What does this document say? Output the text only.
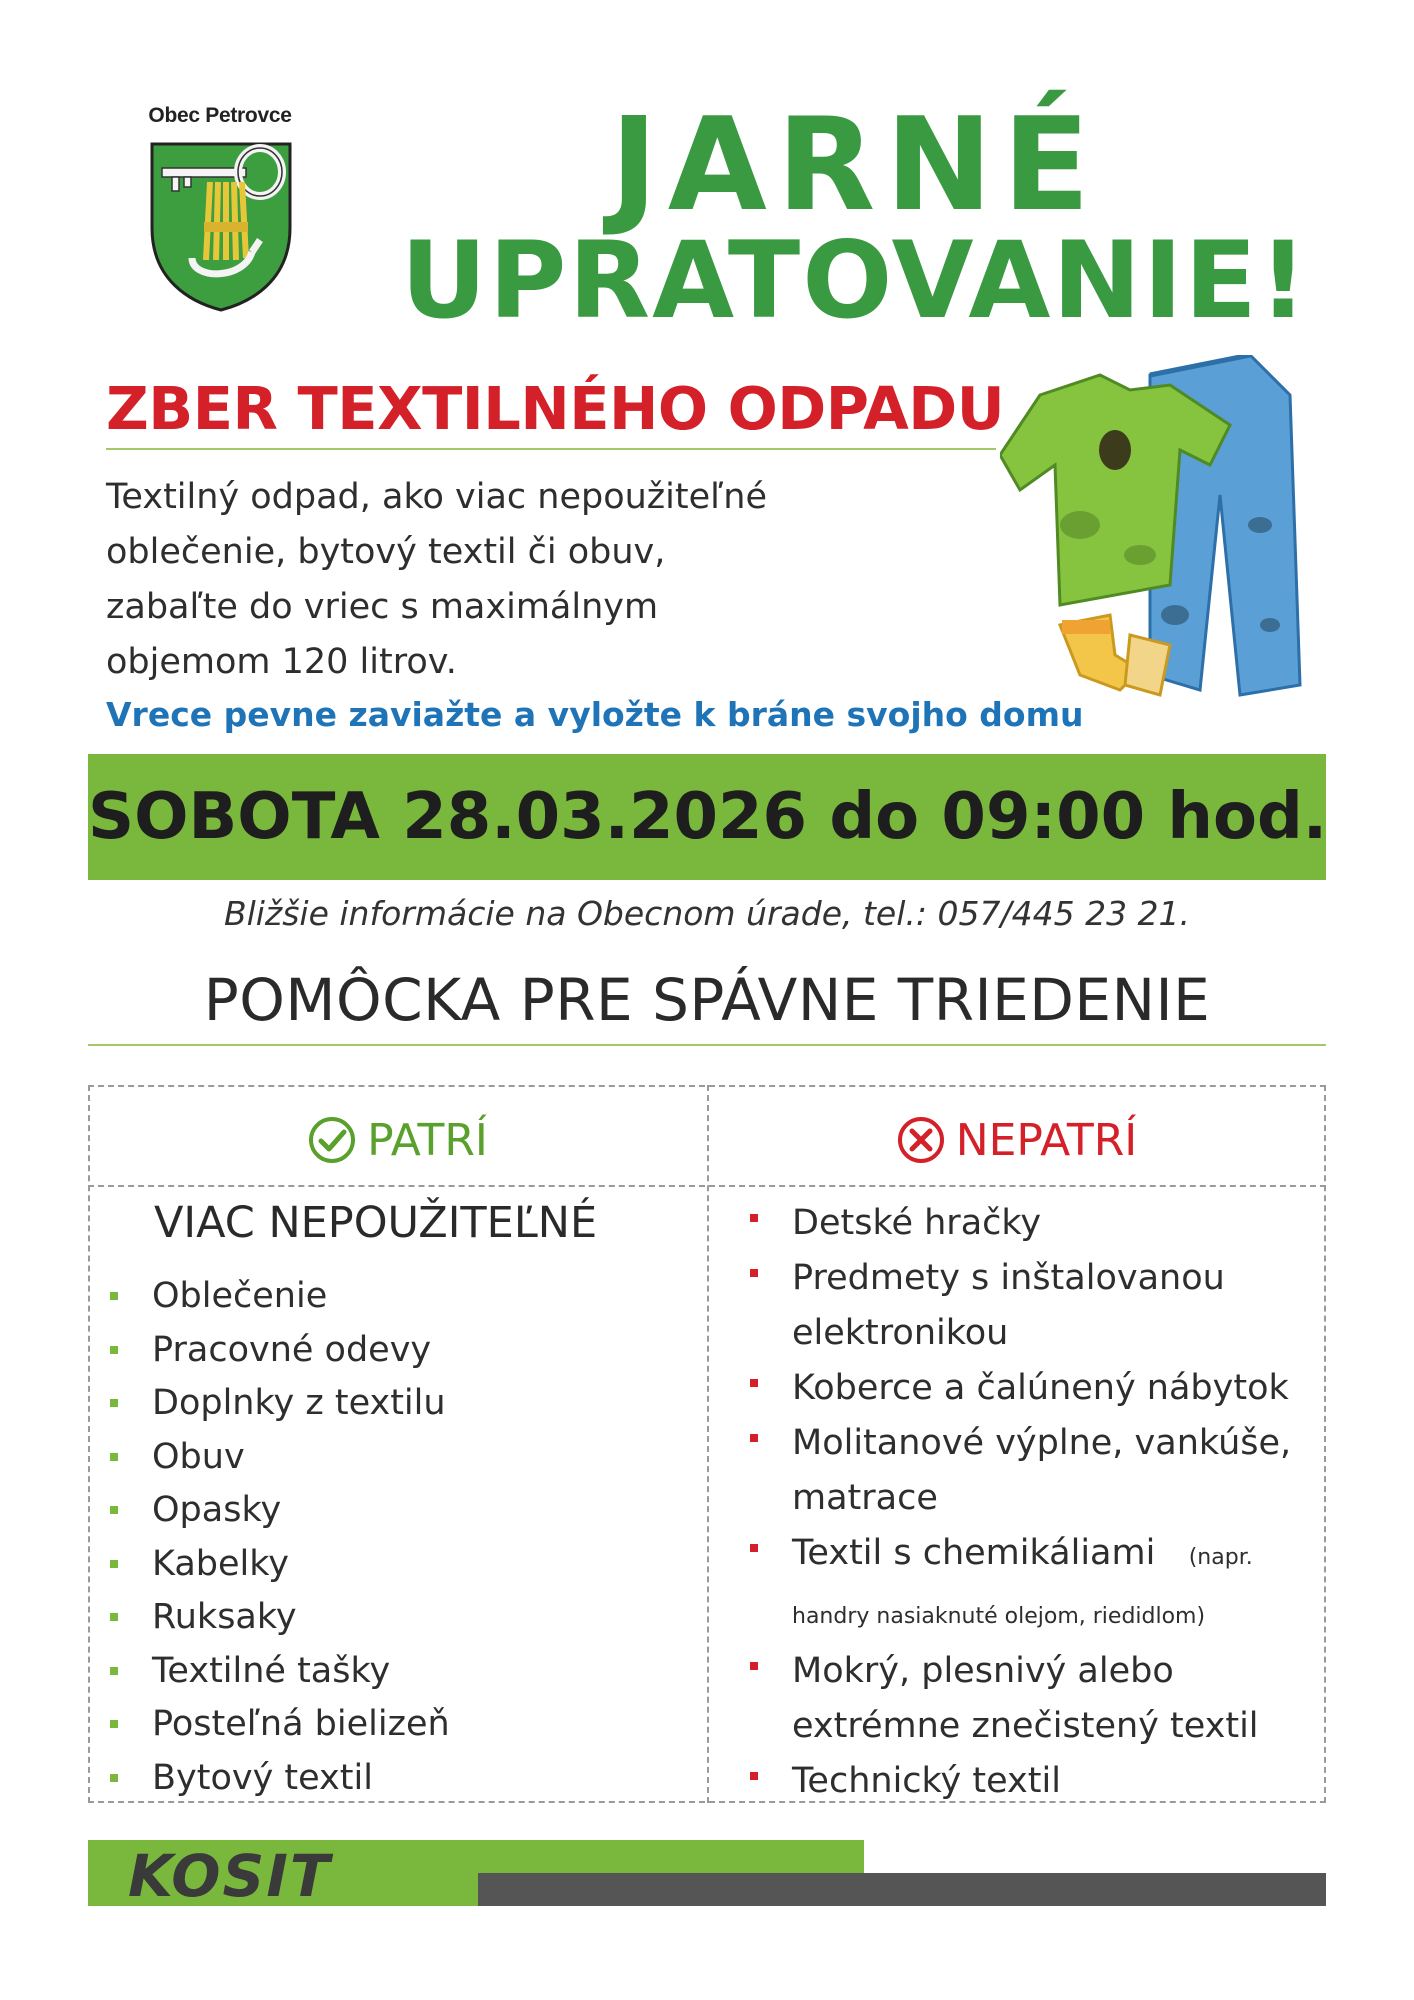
Obec Petrovce	JARNÉ
UPRATOVANIE!
ZBER TEXTILNÉHO ODPADU
Textilný odpad, ako viac nepoužiteľné
oblečenie, bytový textil či obuv,
zabaľte do vriec s maximálnym
objemom 120 litrov.
Vrece pevne zaviažte a vyložte k bráne svojho domu
SOBOTA 28.03.2026 do 09:00 hod.
Bližšie informácie na Obecnom úrade, tel.: 057/445 23 21.
POMÔCKA PRE SPÁVNE TRIEDENIE
PATRÍ	NEPATRÍ
VIAC NEPOUŽITEĽNÉ
Oblečenie
Pracovné odevy
Doplnky z textilu
Obuv
Opasky
Kabelky
Ruksaky
Textilné tašky
Posteľná bielizeň
Bytový textil
Detské hračky
Predmety s inštalovanou elektronikou
Koberce a čalúnený nábytok
Molitanové výplne, vankúše, matrace
Textil s chemikáliami (napr. handry nasiaknuté olejom, riedidlom)
Mokrý, plesnivý alebo extrémne znečistený textil
Technický textil
KOSIT
